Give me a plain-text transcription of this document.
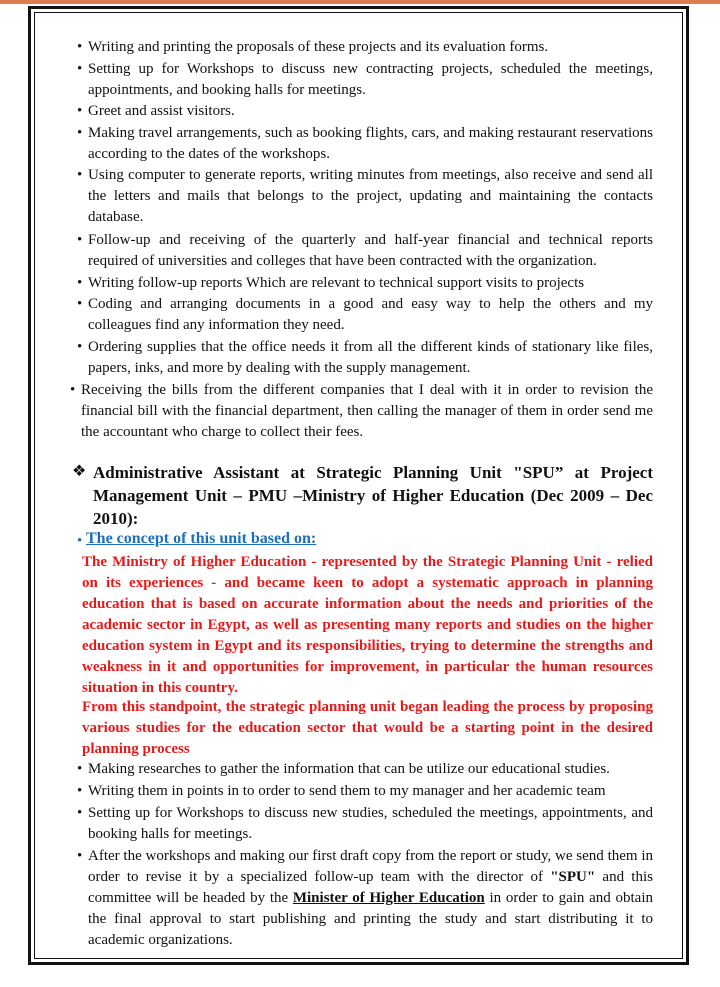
• Writing and printing the proposals of these projects and its evaluation forms.
• Setting up for Workshops to discuss new contracting projects, scheduled the meetings, appointments, and booking halls for meetings.
• Greet and assist visitors.
• Making travel arrangements, such as booking flights, cars, and making restaurant reservations according to the dates of the workshops.
• Using computer to generate reports, writing minutes from meetings, also receive and send all the letters and mails that belongs to the project, updating and maintaining the contacts database.
• Follow-up and receiving of the quarterly and half-year financial and technical reports required of universities and colleges that have been contracted with the organization.
• Writing follow-up reports Which are relevant to technical support visits to projects
• Coding and arranging documents in a good and easy way to help the others and my colleagues find any information they need.
• Ordering supplies that the office needs it from all the different kinds of stationary like files, papers, inks, and more by dealing with the supply management.
• Receiving the bills from the different companies that I deal with it in order to revision the financial bill with the financial department, then calling the manager of them in order send me the accountant who charge to collect their fees.
❖ Administrative Assistant at Strategic Planning Unit "SPU” at Project Management Unit – PMU –Ministry of Higher Education (Dec 2009 – Dec 2010):
• The concept of this unit based on:
The Ministry of Higher Education - represented by the Strategic Planning Unit - relied on its experiences - and became keen to adopt a systematic approach in planning education that is based on accurate information about the needs and priorities of the academic sector in Egypt, as well as presenting many reports and studies on the higher education system in Egypt and its responsibilities, trying to determine the strengths and weakness in it and opportunities for improvement, in particular the human resources situation in this country.
From this standpoint, the strategic planning unit began leading the process by proposing various studies for the education sector that would be a starting point in the desired planning process
• Making researches to gather the information that can be utilize our educational studies.
• Writing them in points in to order to send them to my manager and her academic team
• Setting up for Workshops to discuss new studies, scheduled the meetings, appointments, and booking halls for meetings.
• After the workshops and making our first draft copy from the report or study, we send them in order to revise it by a specialized follow-up team with the director of "SPU" and this committee will be headed by the Minister of Higher Education in order to gain and obtain the final approval to start publishing and printing the study and start distributing it to academic organizations.
